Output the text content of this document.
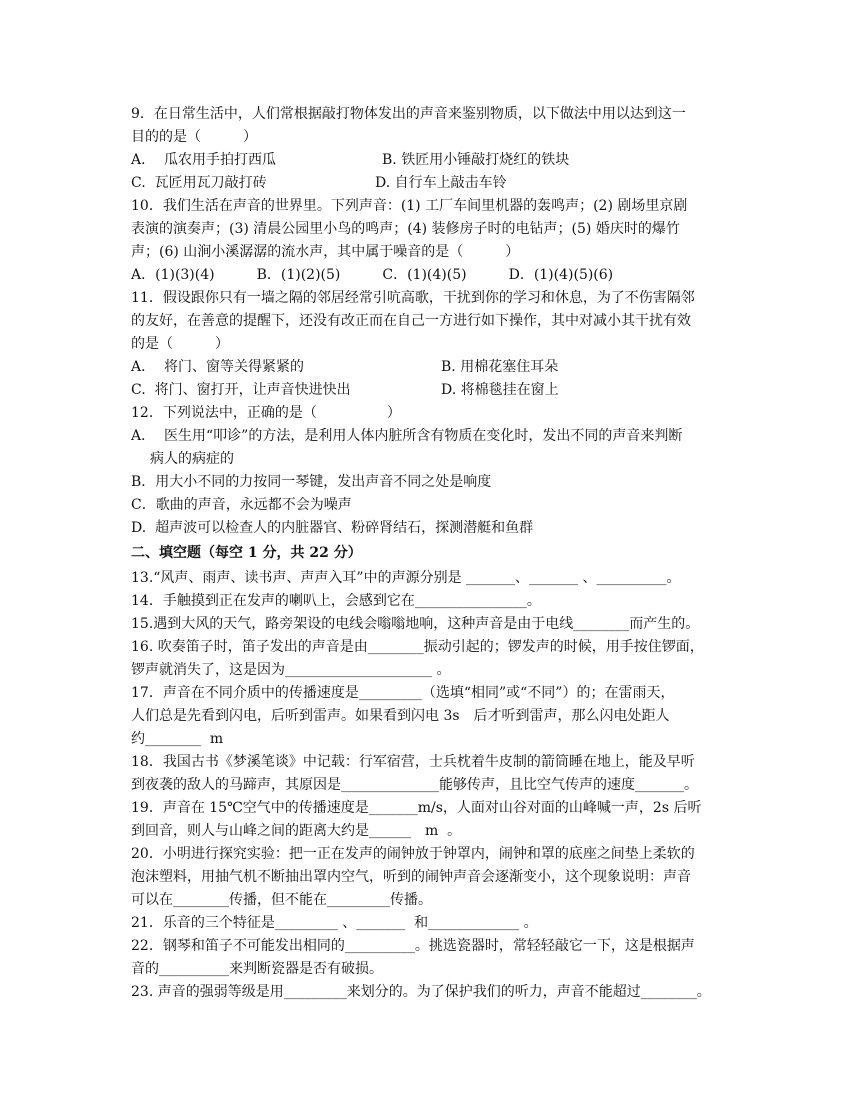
9．在日常生活中，人们常根据敲打物体发出的声音来鉴别物质，以下做法中用以达到这一
目的的是（　　　）
A．  瓜农用手拍打西瓜	B. 铁匠用小锤敲打烧红的铁块
C.  瓦匠用瓦刀敲打砖	D. 自行车上敲击车铃
10．我们生活在声音的世界里。下列声音：(1) 工厂车间里机器的轰鸣声；(2) 剧场里京剧
表演的演奏声；(3) 清晨公园里小鸟的鸣声；(4) 装修房子时的电钻声；(5) 婚庆时的爆竹
声；(6) 山涧小溪潺潺的流水声，其中属于噪音的是（　　　）
A．(1)(3)(4)　　　B．(1)(2)(5)　　　C．(1)(4)(5)　　　D．(1)(4)(5)(6)
11．假设跟你只有一墙之隔的邻居经常引吭高歌，干扰到你的学习和休息，为了不伤害隔邻
的友好，在善意的提醒下，还没有改正而在自己一方进行如下操作，其中对减小其干扰有效
的是（　　　）
A．  将门、窗等关得紧紧的	B. 用棉花塞住耳朵
C.  将门、窗打开，让声音快进快出	D. 将棉毯挂在窗上
12．下列说法中，正确的是（　　　　　）
A．  医生用“叩诊”的方法，是利用人体内脏所含有物质在变化时，发出不同的声音来判断
病人的病症的
B．用大小不同的力按同一琴键，发出声音不同之处是响度
C．歌曲的声音，永远都不会为噪声
D.  超声波可以检查人的内脏器官、粉碎肾结石，探测潜艇和鱼群
二、填空题（每空 1 分，共 22 分）
13.“风声、雨声、读书声、声声入耳”中的声源分别是 _______、_______ 、__________。
14．手触摸到正在发声的喇叭上，会感到它在________________。
15.遇到大风的天气，路旁架设的电线会嗡嗡地响，这种声音是由于电线________而产生的。
16. 吹奏笛子时，笛子发出的声音是由________振动引起的；锣发声的时候，用手按住锣面，
锣声就消失了，这是因为_____________________ 。
17．声音在不同介质中的传播速度是_________（选填“相同”或“不同”）的；在雷雨天，
人们总是先看到闪电，后听到雷声。如果看到闪电 3s　后才听到雷声，那么闪电处距人
约________  m
18．我国古书《梦溪笔谈》中记载：行军宿营，士兵枕着牛皮制的箭筒睡在地上，能及早听
到夜袭的敌人的马蹄声，其原因是______________能够传声，且比空气传声的速度_______。
19．声音在 15℃空气中的传播速度是_______m/s，人面对山谷对面的山峰喊一声，2s 后听
到回音，则人与山峰之间的距离大约是______　m  。
20．小明进行探究实验：把一正在发声的闹钟放于钟罩内，闹钟和罩的底座之间垫上柔软的
泡沫塑料，用抽气机不断抽出罩内空气，听到的闹钟声音会逐渐变小，这个现象说明：声音
可以在________传播，但不能在_________传播。
21．乐音的三个特征是_________ 、_______  和_____________ 。
22．钢琴和笛子不可能发出相同的__________。挑选瓷器时，常轻轻敲它一下，这是根据声
音的__________来判断瓷器是否有破损。
23. 声音的强弱等级是用_________来划分的。为了保护我们的听力，声音不能超过________。
